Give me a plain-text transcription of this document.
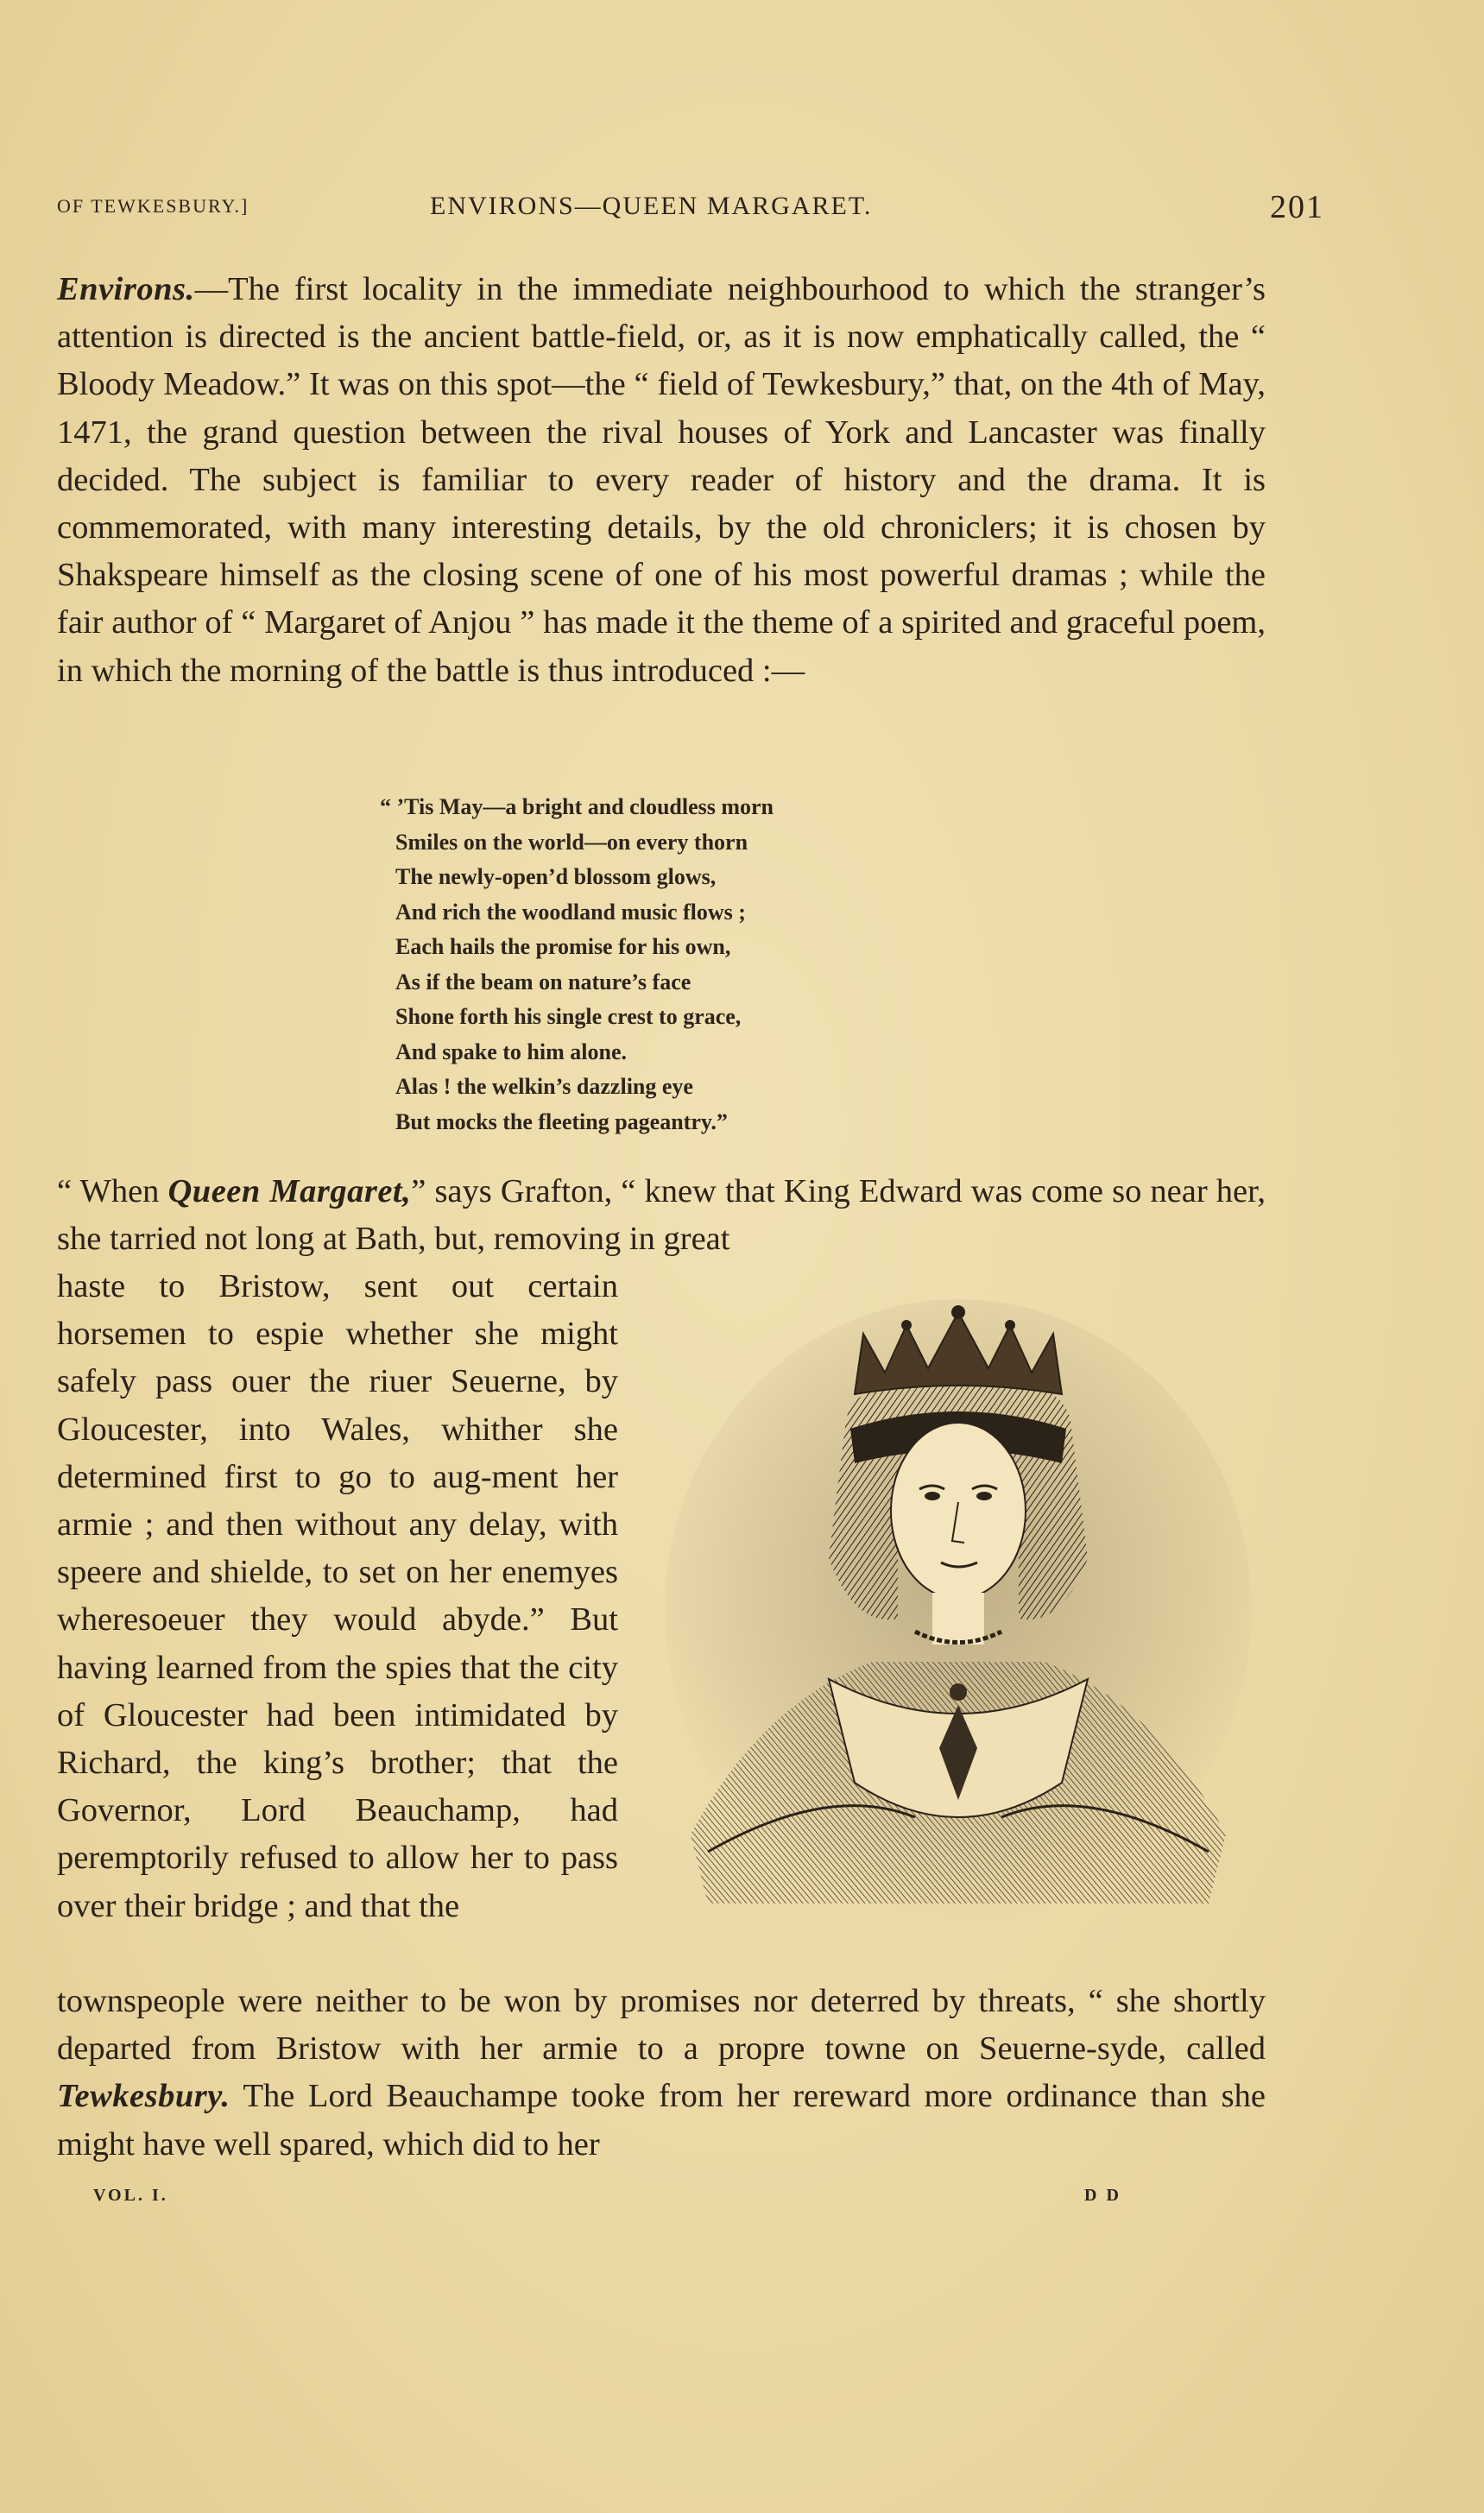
OF TEWKESBURY.]	ENVIRONS—QUEEN MARGARET.	201
Environs.—The first locality in the immediate neighbourhood to which the stranger’s attention is directed is the ancient battle-field, or, as it is now emphatically called, the “ Bloody Meadow.” It was on this spot—the “ field of Tewkesbury,” that, on the 4th of May, 1471, the grand question between the rival houses of York and Lancaster was finally decided. The subject is familiar to every reader of history and the drama. It is commemorated, with many interesting details, by the old chroniclers; it is chosen by Shakspeare himself as the closing scene of one of his most powerful dramas ; while the fair author of “ Margaret of Anjou ” has made it the theme of a spirited and graceful poem, in which the morning of the battle is thus introduced :—
“ ’Tis May—a bright and cloudless morn
Smiles on the world—on every thorn
The newly-open’d blossom glows,
And rich the woodland music flows ;
Each hails the promise for his own,
As if the beam on nature’s face
Shone forth his single crest to grace,
And spake to him alone.
Alas ! the welkin’s dazzling eye
But mocks the fleeting pageantry.”
“ When Queen Margaret,” says Grafton, “ knew that King Edward was come so near her, she tarried not long at Bath, but, removing in great
haste to Bristow, sent out certain horsemen to espie whether she might safely pass ouer the riuer Seuerne, by Gloucester, into Wales, whither she determined first to go to aug-ment her armie ; and then without any delay, with speere and shielde, to set on her enemyes wheresoeuer they would abyde.” But having learned from the spies that the city of Gloucester had been intimidated by Richard, the king’s brother; that the Governor, Lord Beauchamp, had peremptorily refused to allow her to pass over their bridge ; and that the
townspeople were neither to be won by promises nor deterred by threats, “ she shortly departed from Bristow with her armie to a propre towne on Seuerne-syde, called Tewkesbury. The Lord Beauchampe tooke from her rereward more ordinance than she might have well spared, which did to her
VOL. I.	D D
